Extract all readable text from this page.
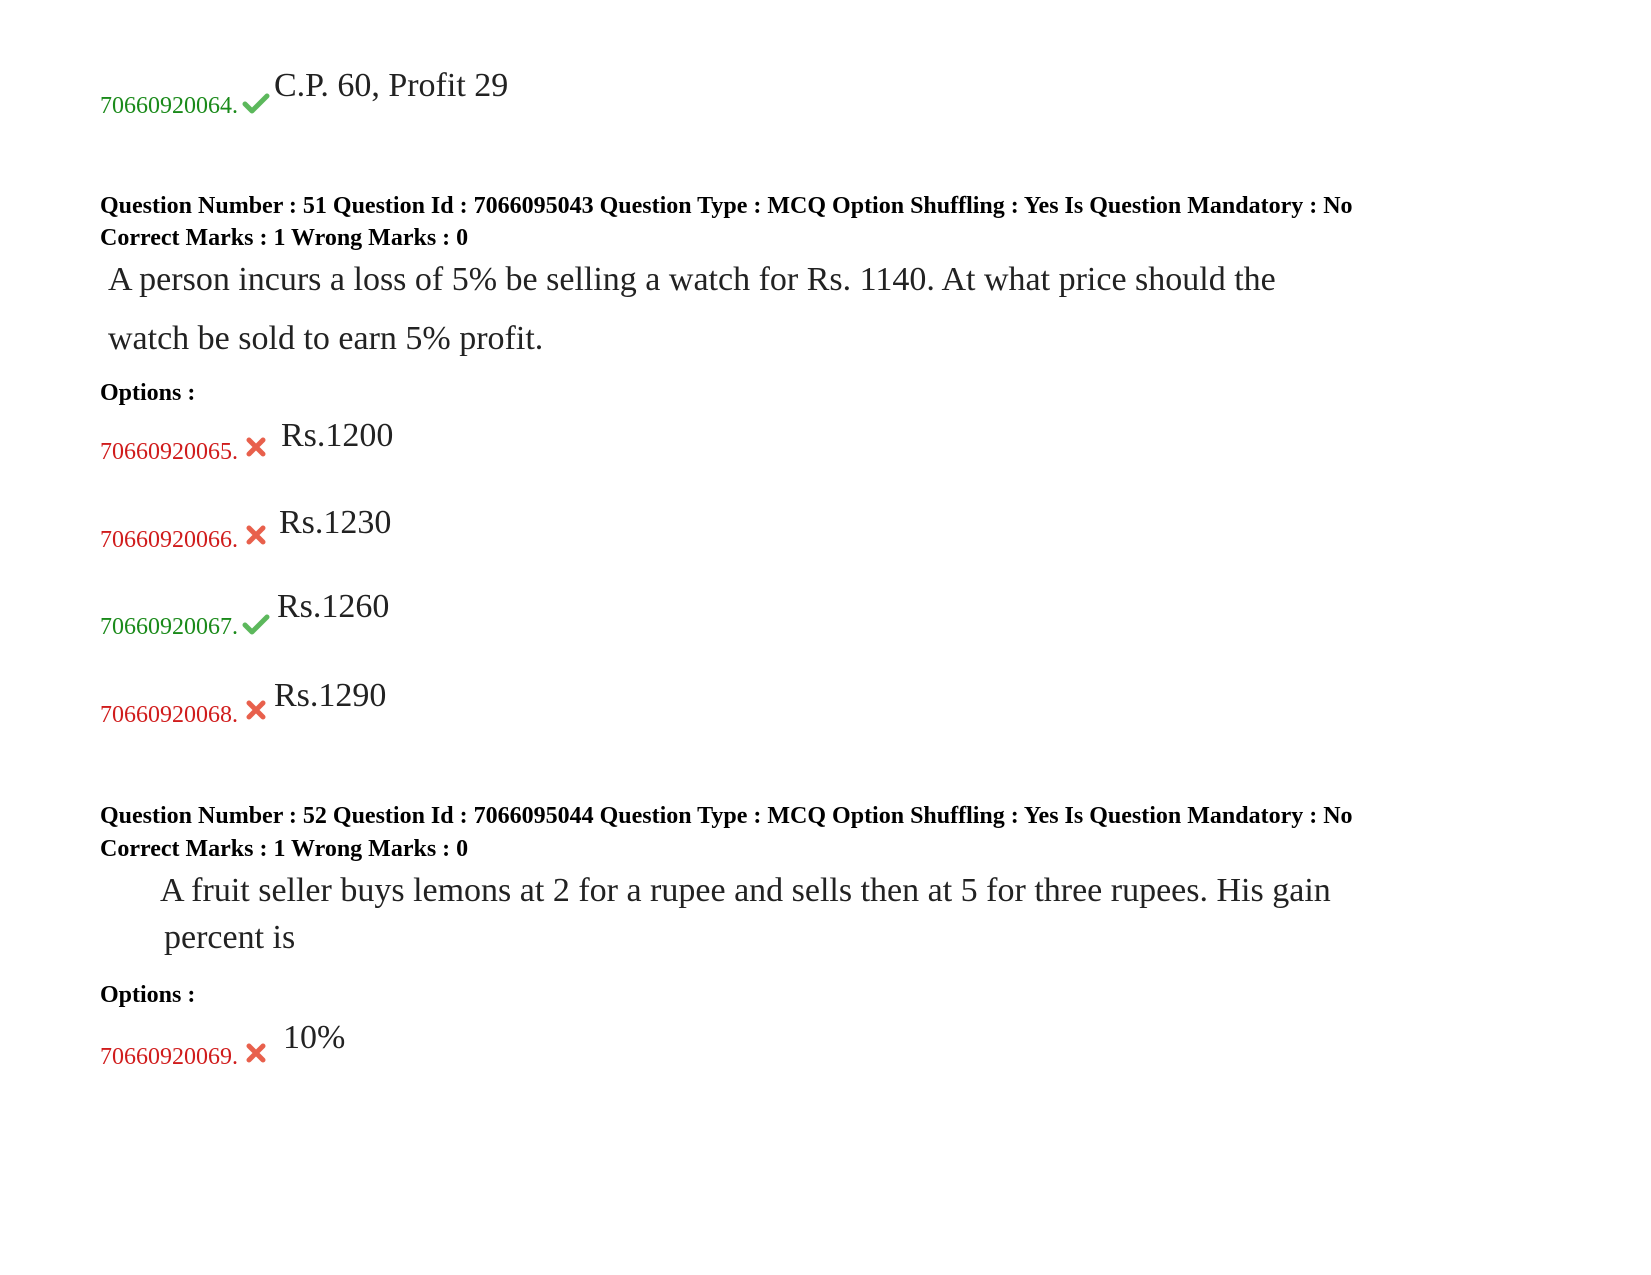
70660920064.
C.P. 60, Profit 29
Question Number : 51 Question Id : 7066095043 Question Type : MCQ Option Shuffling : Yes Is Question Mandatory : No
Correct Marks : 1 Wrong Marks : 0
A person incurs a loss of 5% be selling a watch for Rs. 1140. At what price should the
watch be sold to earn 5% profit.
Options :
70660920065. Rs.1200
70660920066. Rs.1230
70660920067.
Rs.1260
70660920068.
Rs.1290
Question Number : 52 Question Id : 7066095044 Question Type : MCQ Option Shuffling : Yes Is Question Mandatory : No
Correct Marks : 1 Wrong Marks : 0
A fruit seller buys lemons at 2 for a rupee and sells then at 5 for three rupees. His gain
percent is
Options :
70660920069.
10%
